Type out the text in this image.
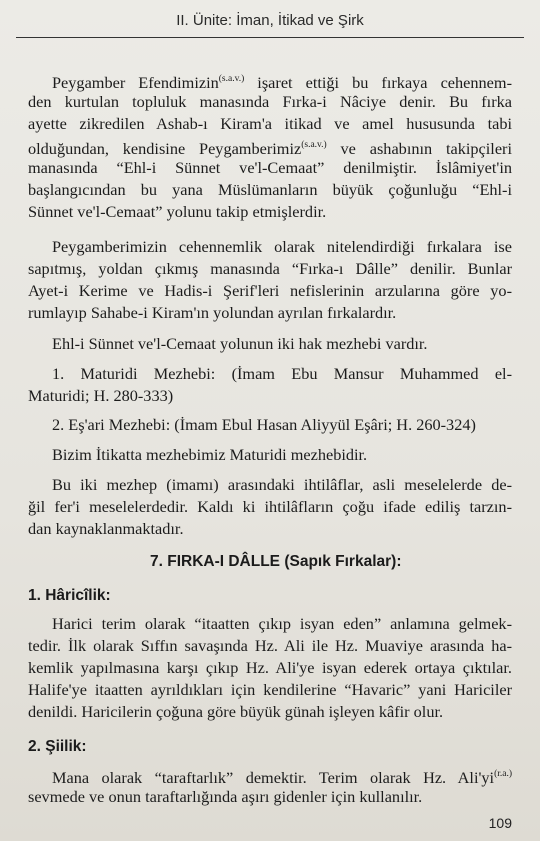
II. Ünite: İman, İtikad ve Şirk
Peygamber Efendimizin$^{(s.a.v.)}$ işaret ettiği bu fırkaya cehennem-
den kurtulan topluluk manasında Fırka-i Nâciye denir. Bu fırka
ayette zikredilen Ashab-ı Kiram'a itikad ve amel hususunda tabi
olduğundan, kendisine Peygamberimiz$^{(s.a.v.)}$ ve ashabının takipçileri
manasında “Ehl-i Sünnet ve'l-Cemaat” denilmiştir. İslâmiyet'in
başlangıcından bu yana Müslümanların büyük çoğunluğu “Ehl-i
Sünnet ve'l-Cemaat” yolunu takip etmişlerdir.
Peygamberimizin cehennemlik olarak nitelendirdiği fırkalara ise
sapıtmış, yoldan çıkmış manasında “Fırka-ı Dâlle” denilir. Bunlar
Ayet-i Kerime ve Hadis-i Şerif'leri nefislerinin arzularına göre yo-
rumlayıp Sahabe-i Kiram'ın yolundan ayrılan fırkalardır.
Ehl-i Sünnet ve'l-Cemaat yolunun iki hak mezhebi vardır.
1. Maturidi Mezhebi: (İmam Ebu Mansur Muhammed el-
Maturidi; H. 280-333)
2. Eş'ari Mezhebi: (İmam Ebul Hasan Aliyyül Eşâri; H. 260-324)
Bizim İtikatta mezhebimiz Maturidi mezhebidir.
Bu iki mezhep (imamı) arasındaki ihtilâflar, asli meselelerde de-
ğil fer'i meselelerdedir. Kaldı ki ihtilâfların çoğu ifade ediliş tarzın-
dan kaynaklanmaktadır.
7. FIRKA-I DÂLLE (Sapık Fırkalar):
1. Hâricîlik:
Harici terim olarak “itaatten çıkıp isyan eden” anlamına gelmek-
tedir. İlk olarak Sıffın savaşında Hz. Ali ile Hz. Muaviye arasında ha-
kemlik yapılmasına karşı çıkıp Hz. Ali'ye isyan ederek ortaya çıktılar.
Halife'ye itaatten ayrıldıkları için kendilerine “Havaric” yani Hariciler
denildi. Haricilerin çoğuna göre büyük günah işleyen kâfir olur.
2. Şiilik:
Mana olarak “taraftarlık” demektir. Terim olarak Hz. $Ali'yi^{(r.a.)}$
sevmede ve onun taraftarlığında aşırı gidenler için kullanılır.
109
